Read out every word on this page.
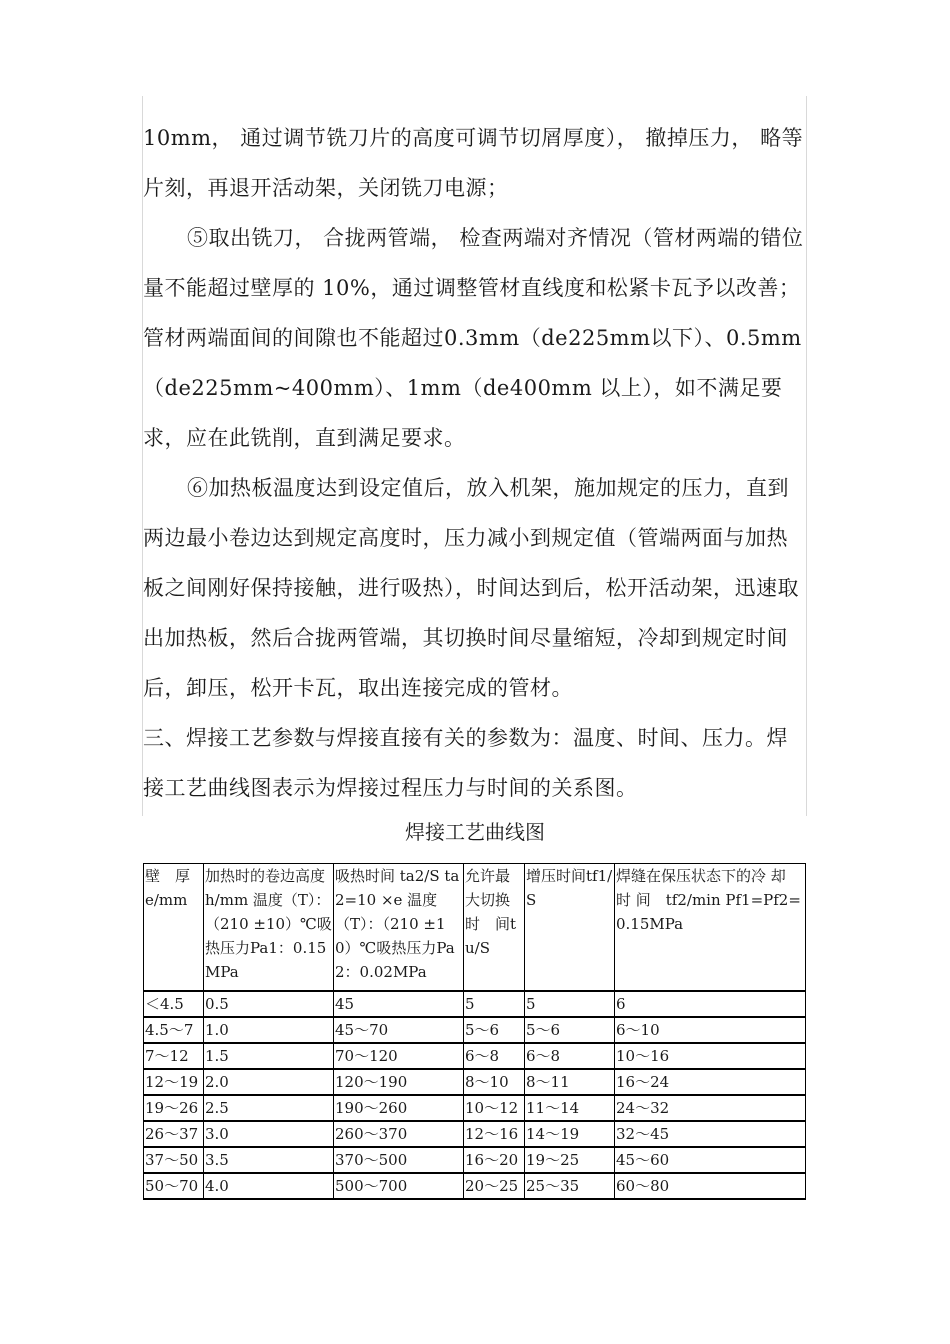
10mm， 通过调节铣刀片的高度可调节切屑厚度）， 撤掉压力， 略等片刻，再退开活动架，关闭铣刀电源；

⑤取出铣刀， 合拢两管端， 检查两端对齐情况（管材两端的错位量不能超过壁厚的 10%，通过调整管材直线度和松紧卡瓦予以改善；管材两端面间的间隙也不能超过0.3mm（de225mm以下）、0.5mm（de225mm~400mm）、1mm（de400mm 以上），如不满足要求，应在此铣削，直到满足要求。

⑥加热板温度达到设定值后，放入机架，施加规定的压力，直到两边最小卷边达到规定高度时，压力减小到规定值（管端两面与加热板之间刚好保持接触，进行吸热），时间达到后，松开活动架，迅速取出加热板，然后合拢两管端，其切换时间尽量缩短，冷却到规定时间后，卸压，松开卡瓦，取出连接完成的管材。

三、焊接工艺参数与焊接直接有关的参数为：温度、时间、压力。焊接工艺曲线图表示为焊接过程压力与时间的关系图。

焊接工艺曲线图
壁　厚e/mm	加热时的卷边高度 h/mm 温度（T）：（210 ±10）℃吸热压力Pa1：0.15MPa	吸热时间 ta2/S ta2=10 ×e 温度（T）：（210 ±10）℃吸热压力Pa2：0.02MPa	允许最大切换时　间tu/S	增压时间tf1/S	焊缝在保压状态下的冷 却 时 间　tf2/min Pf1=Pf2=0.15MPa
＜4.5	0.5	45	5	5	6
4.5～7	1.0	45～70	5～6	5～6	6～10
7～12	1.5	70～120	6～8	6～8	10～16
12～19	2.0	120～190	8～10	8～11	16～24
19～26	2.5	190～260	10～12	11～14	24～32
26～37	3.0	260～370	12～16	14～19	32～45
37～50	3.5	370～500	16～20	19～25	45～60
50～70	4.0	500～700	20～25	25～35	60～80
